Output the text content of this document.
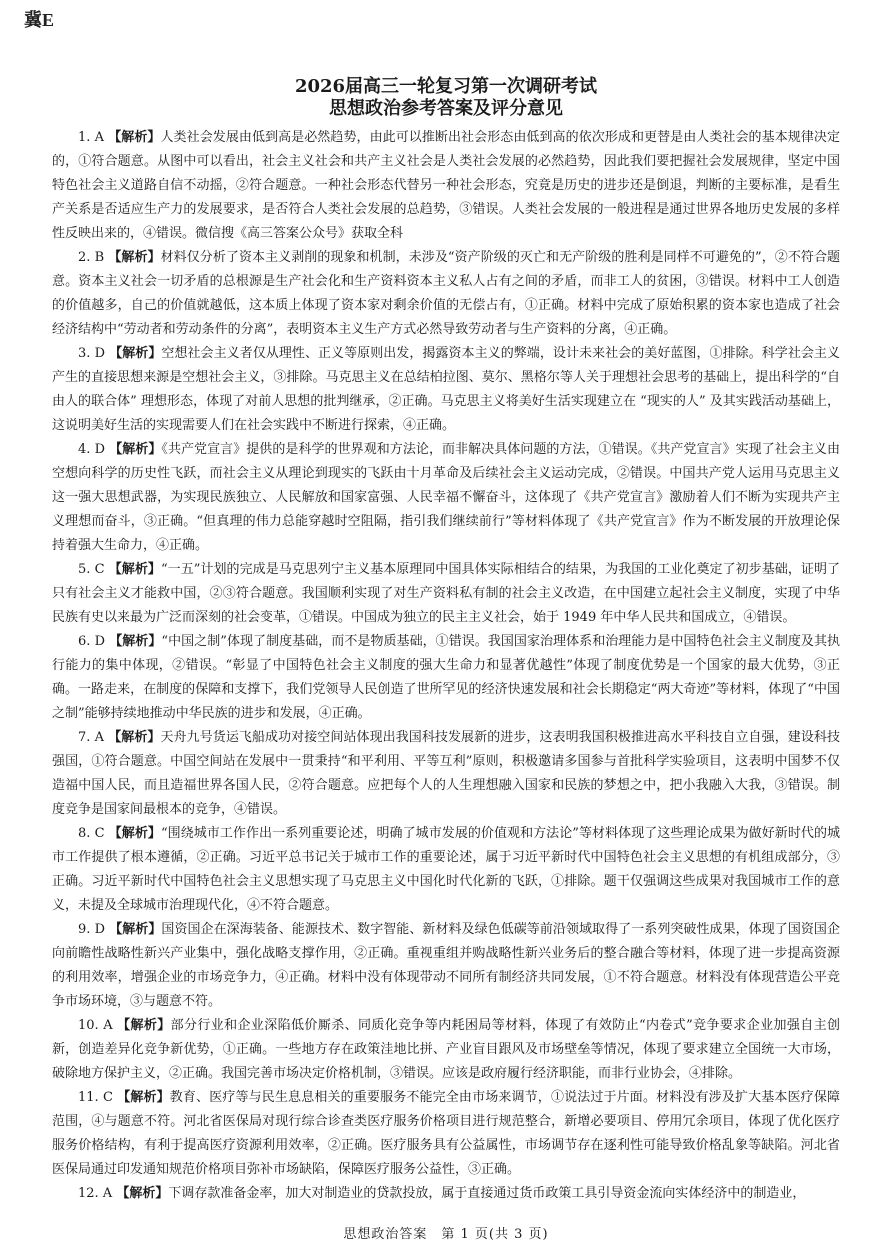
冀E
2026届高三一轮复习第一次调研考试
思想政治参考答案及评分意见

1. A 【解析】人类社会发展由低到高是必然趋势，由此可以推断出社会形态由低到高的依次形成和更替是由人类社会的基本规律决定的，①符合题意。从图中可以看出，社会主义社会和共产主义社会是人类社会发展的必然趋势，因此我们要把握社会发展规律，坚定中国特色社会主义道路自信不动摇，②符合题意。一种社会形态代替另一种社会形态，究竟是历史的进步还是倒退，判断的主要标准，是看生产关系是否适应生产力的发展要求，是否符合人类社会发展的总趋势，③错误。人类社会发展的一般进程是通过世界各地历史发展的多样性反映出来的，④错误。微信搜《高三答案公众号》获取全科

2. B 【解析】材料仅分析了资本主义剥削的现象和机制，未涉及“资产阶级的灭亡和无产阶级的胜利是同样不可避免的”，②不符合题意。资本主义社会一切矛盾的总根源是生产社会化和生产资料资本主义私人占有之间的矛盾，而非工人的贫困，③错误。材料中工人创造的价值越多，自己的价值就越低，这本质上体现了资本家对剩余价值的无偿占有，①正确。材料中完成了原始积累的资本家也造成了社会经济结构中“劳动者和劳动条件的分离”，表明资本主义生产方式必然导致劳动者与生产资料的分离，④正确。

3. D 【解析】空想社会主义者仅从理性、正义等原则出发，揭露资本主义的弊端，设计未来社会的美好蓝图，①排除。科学社会主义产生的直接思想来源是空想社会主义，③排除。马克思主义在总结柏拉图、莫尔、黑格尔等人关于理想社会思考的基础上，提出科学的“自由人的联合体” 理想形态，体现了对前人思想的批判继承，②正确。马克思主义将美好生活实现建立在 “现实的人” 及其实践活动基础上，这说明美好生活的实现需要人们在社会实践中不断进行探索，④正确。

4. D 【解析】《共产党宣言》提供的是科学的世界观和方法论，而非解决具体问题的方法，①错误。《共产党宣言》实现了社会主义由空想向科学的历史性飞跃，而社会主义从理论到现实的飞跃由十月革命及后续社会主义运动完成，②错误。中国共产党人运用马克思主义这一强大思想武器，为实现民族独立、人民解放和国家富强、人民幸福不懈奋斗，这体现了《共产党宣言》激励着人们不断为实现共产主义理想而奋斗，③正确。“但真理的伟力总能穿越时空阻隔，指引我们继续前行”等材料体现了《共产党宣言》作为不断发展的开放理论保持着强大生命力，④正确。

5. C 【解析】“一五”计划的完成是马克思列宁主义基本原理同中国具体实际相结合的结果，为我国的工业化奠定了初步基础，证明了只有社会主义才能救中国，②③符合题意。我国顺利实现了对生产资料私有制的社会主义改造，在中国建立起社会主义制度，实现了中华民族有史以来最为广泛而深刻的社会变革，①错误。中国成为独立的民主主义社会，始于 1949 年中华人民共和国成立，④错误。

6. D 【解析】“中国之制”体现了制度基础，而不是物质基础，①错误。我国国家治理体系和治理能力是中国特色社会主义制度及其执行能力的集中体现，②错误。“彰显了中国特色社会主义制度的强大生命力和显著优越性”体现了制度优势是一个国家的最大优势，③正确。一路走来，在制度的保障和支撑下，我们党领导人民创造了世所罕见的经济快速发展和社会长期稳定“两大奇迹”等材料，体现了“中国之制”能够持续地推动中华民族的进步和发展，④正确。

7. A 【解析】天舟九号货运飞船成功对接空间站体现出我国科技发展新的进步，这表明我国积极推进高水平科技自立自强，建设科技强国，①符合题意。中国空间站在发展中一贯秉持“和平利用、平等互利”原则，积极邀请多国参与首批科学实验项目，这表明中国梦不仅造福中国人民，而且造福世界各国人民，②符合题意。应把每个人的人生理想融入国家和民族的梦想之中，把小我融入大我，③错误。制度竞争是国家间最根本的竞争，④错误。

8. C 【解析】“围绕城市工作作出一系列重要论述，明确了城市发展的价值观和方法论”等材料体现了这些理论成果为做好新时代的城市工作提供了根本遵循，②正确。习近平总书记关于城市工作的重要论述，属于习近平新时代中国特色社会主义思想的有机组成部分，③正确。习近平新时代中国特色社会主义思想实现了马克思主义中国化时代化新的飞跃，①排除。题干仅强调这些成果对我国城市工作的意义，未提及全球城市治理现代化，④不符合题意。

9. D 【解析】国资国企在深海装备、能源技术、数字智能、新材料及绿色低碳等前沿领域取得了一系列突破性成果，体现了国资国企向前瞻性战略性新兴产业集中，强化战略支撑作用，②正确。重视重组并购战略性新兴业务后的整合融合等材料，体现了进一步提高资源的利用效率，增强企业的市场竞争力，④正确。材料中没有体现带动不同所有制经济共同发展，①不符合题意。材料没有体现营造公平竞争市场环境，③与题意不符。

10. A 【解析】部分行业和企业深陷低价厮杀、同质化竞争等内耗困局等材料，体现了有效防止“内卷式”竞争要求企业加强自主创新，创造差异化竞争新优势，①正确。一些地方存在政策洼地比拼、产业盲目跟风及市场壁垒等情况，体现了要求建立全国统一大市场，破除地方保护主义，②正确。我国完善市场决定价格机制，③错误。应该是政府履行经济职能，而非行业协会，④排除。

11. C 【解析】教育、医疗等与民生息息相关的重要服务不能完全由市场来调节，①说法过于片面。材料没有涉及扩大基本医疗保障范围，④与题意不符。河北省医保局对现行综合诊查类医疗服务价格项目进行规范整合，新增必要项目、停用冗余项目，体现了优化医疗服务价格结构，有利于提高医疗资源利用效率，②正确。医疗服务具有公益属性，市场调节存在逐利性可能导致价格乱象等缺陷。河北省医保局通过印发通知规范价格项目弥补市场缺陷，保障医疗服务公益性，③正确。

12. A 【解析】下调存款准备金率，加大对制造业的贷款投放，属于直接通过货币政策工具引导资金流向实体经济中的制造业，

思想政治答案　第 1 页(共 3 页)
